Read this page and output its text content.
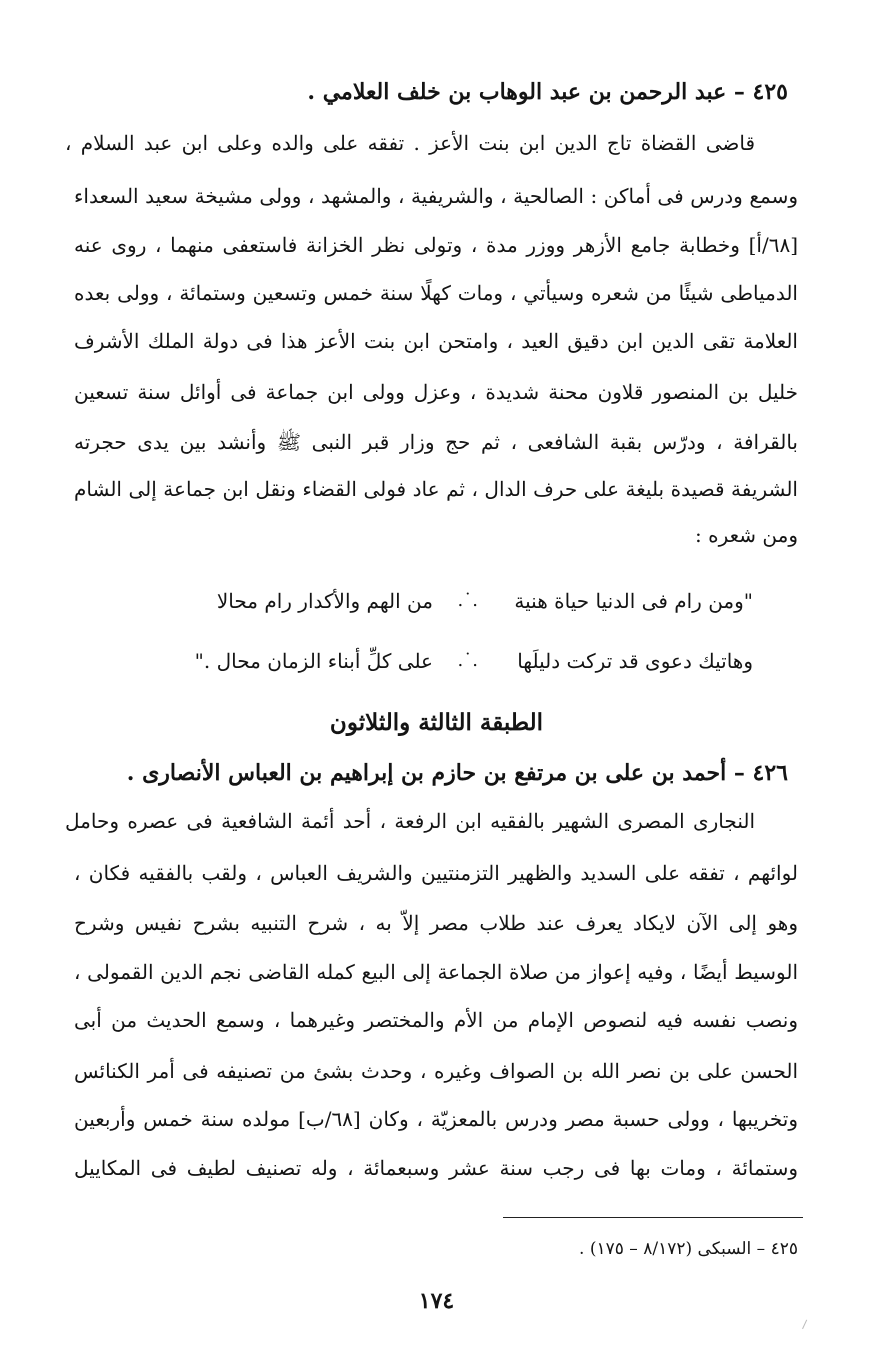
٤٢٥ – عبد الرحمن بن عبد الوهاب بن خلف العلامي .
قاضى القضاة تاج الدين ابن بنت الأعز . تفقه على والده وعلى ابن عبد السلام ،
وسمع ودرس فى أماكن : الصالحية ، والشريفية ، والمشهد ، وولى مشيخة سعيد السعداء
[٦٨/أ] وخطابة جامع الأزهر ووزر مدة ، وتولى نظر الخزانة فاستعفى منهما ، روى عنه
الدمياطى شيئًا من شعره وسيأتي ، ومات كهلًا سنة خمس وتسعين وستمائة ، وولى بعده
العلامة تقى الدين ابن دقيق العيد ، وامتحن ابن بنت الأعز هذا فى دولة الملك الأشرف
خليل بن المنصور قلاون محنة شديدة ، وعزل وولى ابن جماعة فى أوائل سنة تسعين
بالقرافة ، ودرّس بقبة الشافعى ، ثم حج وزار قبر النبى ﷺ وأنشد بين يدى حجرته
الشريفة قصيدة بليغة على حرف الدال ، ثم عاد فولى القضاء ونقل ابن جماعة إلى الشام
ومن شعره :
"ومن رام فى الدنيا حياة هنية
.˙.
من الهم والأكدار رام محالا
وهاتيك دعوى قد تركت دليلَها
.˙.
على كلِّ أبناء الزمان محال ."
الطبقة الثالثة والثلاثون
٤٢٦ – أحمد بن على بن مرتفع بن حازم بن إبراهيم بن العباس الأنصارى .
النجارى المصرى الشهير بالفقيه ابن الرفعة ، أحد أئمة الشافعية فى عصره وحامل
لوائهم ، تفقه على السديد والظهير التزمنتيين والشريف العباس ، ولقب بالفقيه فكان ،
وهو إلى الآن لايكاد يعرف عند طلاب مصر إلاّ به ، شرح التنبيه بشرح نفيس وشرح
الوسيط أيضًا ، وفيه إعواز من صلاة الجماعة إلى البيع كمله القاضى نجم الدين القمولى ،
ونصب نفسه فيه لنصوص الإمام من الأم والمختصر وغيرهما ، وسمع الحديث من أبى
الحسن على بن نصر الله بن الصواف وغيره ، وحدث بشئ من تصنيفه فى أمر الكنائس
وتخريبها ، وولى حسبة مصر ودرس بالمعزيّة ، وكان [٦٨/ب] مولده سنة خمس وأربعين
وستمائة ، ومات بها فى رجب سنة عشر وسبعمائة ، وله تصنيف لطيف فى المكاييل
٤٢٥ – السبكى (٨/١٧٢ – ١٧٥) .
١٧٤
